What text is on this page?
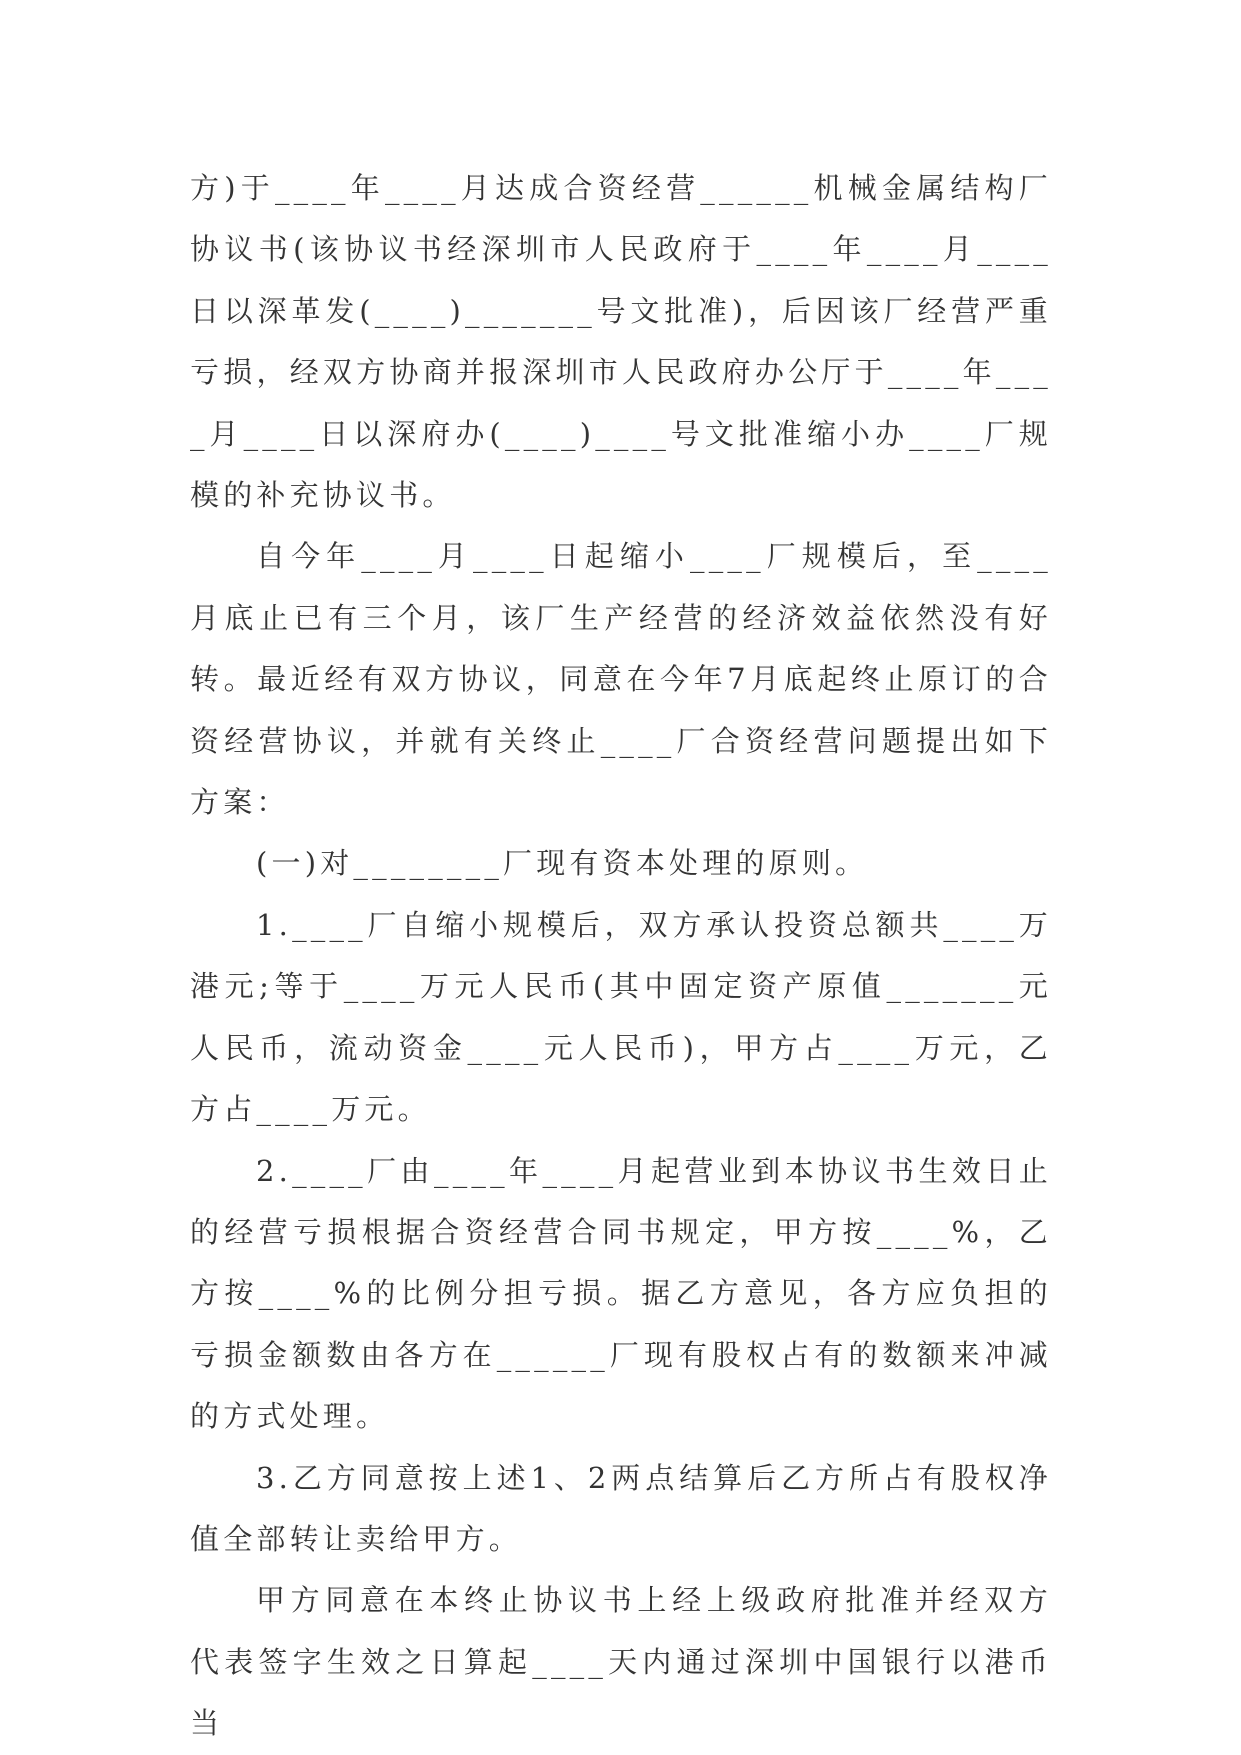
方)于____年____月达成合资经营______机械金属结构厂协议书(该协议书经深圳市人民政府于____年____月____日以深革发(____)_______号文批准)，后因该厂经营严重亏损，经双方协商并报深圳市人民政府办公厅于____年____月____日以深府办(____)____号文批准缩小办____厂规模的补充协议书。

自今年____月____日起缩小____厂规模后，至____月底止已有三个月，该厂生产经营的经济效益依然没有好转。最近经有双方协议，同意在今年7月底起终止原订的合资经营协议，并就有关终止____厂合资经营问题提出如下方案：

(一)对________厂现有资本处理的原则。

1.____厂自缩小规模后，双方承认投资总额共____万港元;等于____万元人民币(其中固定资产原值_______元人民币，流动资金____元人民币)，甲方占____万元，乙方占____万元。

2.____厂由____年____月起营业到本协议书生效日止的经营亏损根据合资经营合同书规定，甲方按____%，乙方按____%的比例分担亏损。据乙方意见，各方应负担的亏损金额数由各方在______厂现有股权占有的数额来冲减的方式处理。

3.乙方同意按上述1、2两点结算后乙方所占有股权净值全部转让卖给甲方。

甲方同意在本终止协议书上经上级政府批准并经双方代表签字生效之日算起____天内通过深圳中国银行以港币当
